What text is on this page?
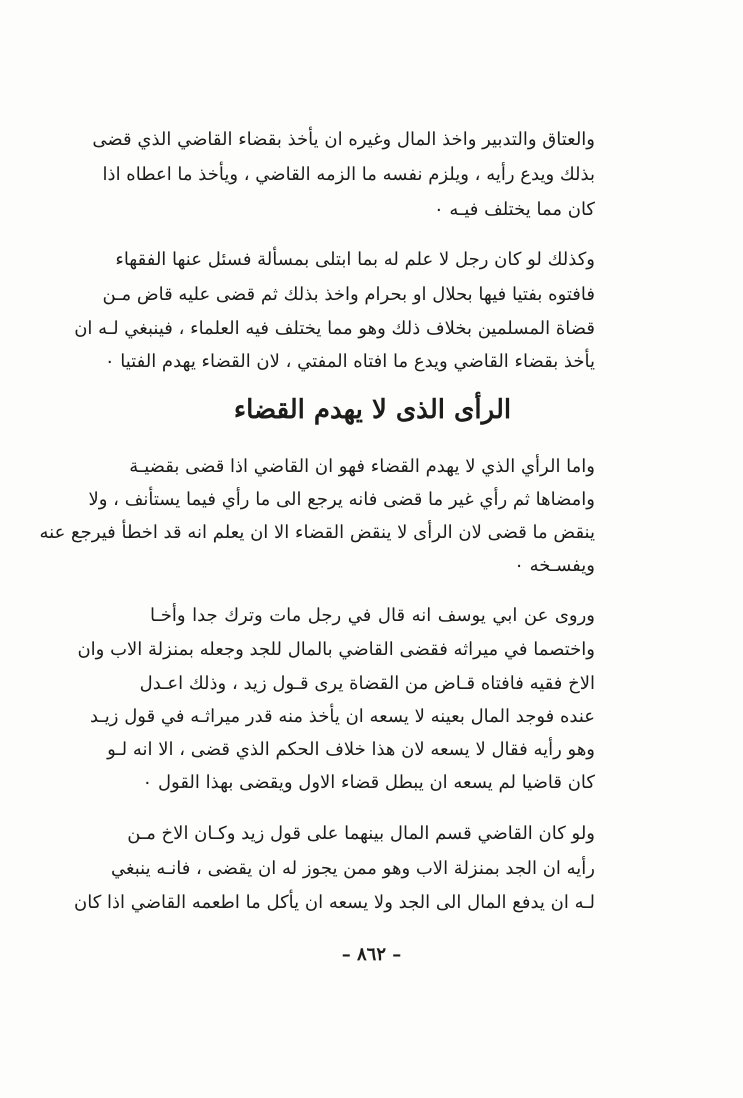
والعتاق والتدبير واخذ المال وغيره ان يأخذ بقضاء القاضي الذي قضى
بذلك ويدع رأيه ، ويلزم نفسه ما الزمه القاضي ، ويأخذ ما اعطاه اذا
كان مما يختلف فيـه ٠
وكذلك لو كان رجل لا علم له بما ابتلى بمسألة فسئل عنها الفقهاء
فافتوه بفتيا فيها بحلال او بحرام واخذ بذلك ثم قضى عليه قاض مـن
قضاة المسلمين بخلاف ذلك وهو مما يختلف فيه العلماء ، فينبغي لـه ان
يأخذ بقضاء القاضي ويدع ما افتاه المفتي ، لان القضاء يهدم الفتيا ٠
الرأى الذى لا يهدم القضاء
واما الرأي الذي لا يهدم القضاء فهو ان القاضي اذا قضى بقضيـة
وامضاها ثم رأي غير ما قضى فانه يرجع الى ما رأي فيما يستأنف ، ولا
ينقض ما قضى لان الرأى لا ينقض القضاء الا ان يعلم انه قد اخطأ فيرجع عنه
ويفسـخه ٠
وروى عن ابي يوسف انه قال في رجل مات وترك جدا وأخـا
واختصما في ميراثه فقضى القاضي بالمال للجد وجعله بمنزلة الاب وان
الاخ فقيه فافتاه قـاض من القضاة يرى قـول زيد ، وذلك اعـدل
عنده فوجد المال بعينه لا يسعه ان يأخذ منه قدر ميراثـه في قول زيـد
وهو رأيه فقال لا يسعه لان هذا خلاف الحكم الذي قضى ، الا انه لـو
كان قاضيا لم يسعه ان يبطل قضاء الاول ويقضى بهذا القول ٠
ولو كان القاضي قسم المال بينهما على قول زيد وكـان الاخ مـن
رأيه ان الجد بمنزلة الاب وهو ممن يجوز له ان يقضى ، فانـه ينبغي
لـه ان يدفع المال الى الجد ولا يسعه ان يأكل ما اطعمه القاضي اذا كان
– ٨٦٢ –
